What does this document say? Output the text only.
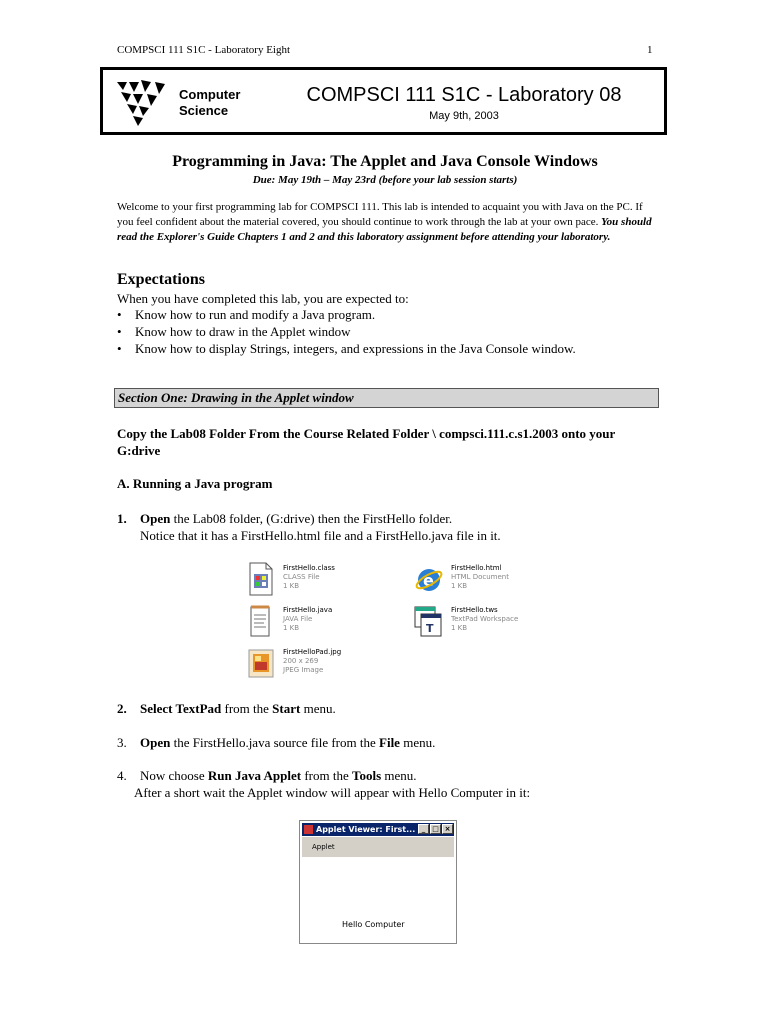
COMPSCI 111 S1C - Laboratory Eight	1
Computer
Science
COMPSCI 111 S1C - Laboratory 08
May 9th, 2003
Programming in Java: The Applet and Java Console Windows
Due: May 19th – May 23rd (before your lab session starts)
Welcome to your first programming lab for COMPSCI 111. This lab is intended to acquaint you with Java on the PC. If you feel confident about the material covered, you should continue to work through the lab at your own pace. You should read the Explorer's Guide Chapters 1 and 2 and this laboratory assignment before attending your laboratory.
Expectations
When you have completed this lab, you are expected to:
• Know how to run and modify a Java program.
• Know how to draw in the Applet window
• Know how to display Strings, integers, and expressions in the Java Console window.
Section One: Drawing in the Applet window
Copy the Lab08 Folder From the Course Related Folder \ compsci.111.c.s1.2003 onto your G:drive
A. Running a Java program
1. Open the Lab08 folder, (G:drive) then the FirstHello folder.
Notice that it has a FirstHello.html file and a FirstHello.java file in it.
FirstHello.class
CLASS File
1 KB	e
FirstHello.html
HTML Document
1 KB
FirstHello.java
JAVA File
1 KB	T
FirstHello.tws
TextPad Workspace
1 KB
FirstHelloPad.jpg
200 x 269
JPEG Image
2. Select TextPad from the Start menu.
3. Open the FirstHello.java source file from the File menu.
4. Now choose Run Java Applet from the Tools menu.
After a short wait the Applet window will appear with Hello Computer in it:
Applet Viewer: First... _ □ ×
Applet
Hello Computer
